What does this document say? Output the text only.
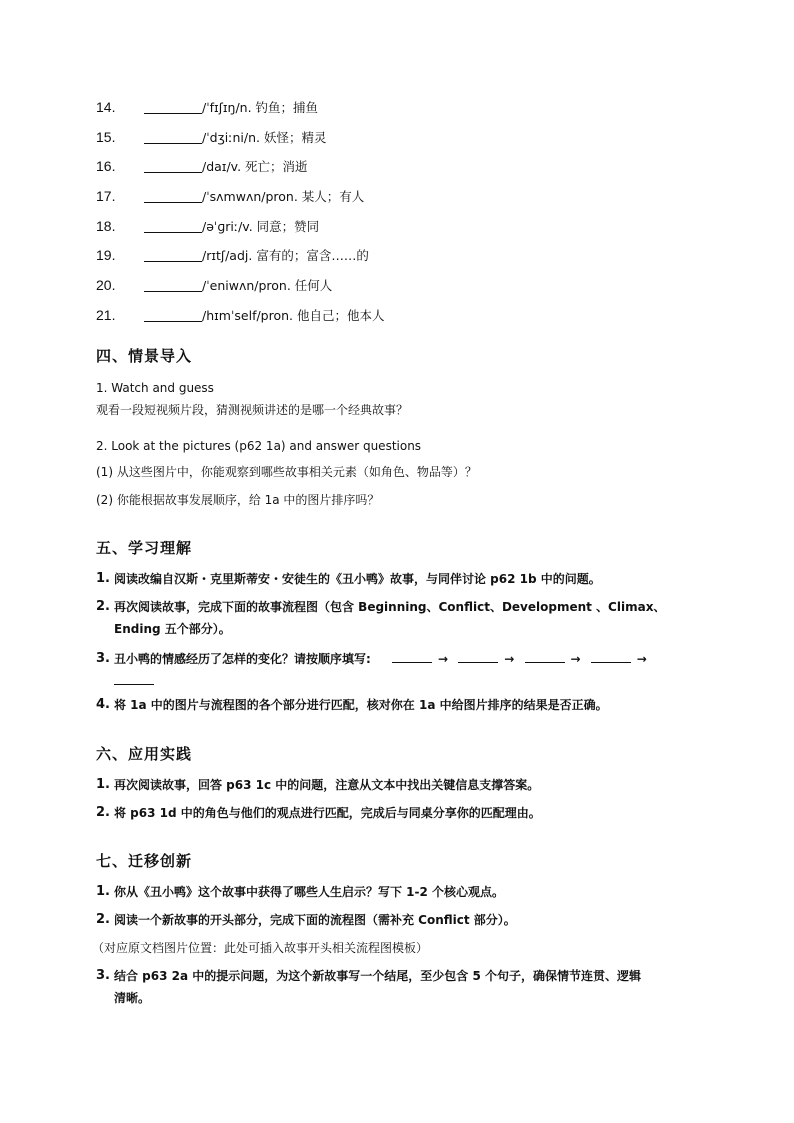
14.	/ˈfɪʃɪŋ/n. 钓鱼；捕鱼
15.	/ˈdʒiːni/n. 妖怪；精灵
16.	/daɪ/v. 死亡；消逝
17.	/ˈsʌmwʌn/pron. 某人；有人
18.	/əˈɡriː/v. 同意；赞同
19.	/rɪtʃ/adj. 富有的；富含……的
20.	/ˈeniwʌn/pron. 任何人
21.	/hɪmˈself/pron. 他自己；他本人
四、情景导入
1. Watch and guess
观看一段短视频片段，猜测视频讲述的是哪一个经典故事？
2. Look at the pictures (p62 1a) and answer questions
(1) 从这些图片中，你能观察到哪些故事相关元素（如角色、物品等）？
(2) 你能根据故事发展顺序，给 1a 中的图片排序吗？
五、学习理解
1. 阅读改编自汉斯・克里斯蒂安・安徒生的《丑小鸭》故事，与同伴讨论 p62 1b 中的问题。
2. 再次阅读故事，完成下面的故事流程图（包含 Beginning、Conflict、Development 、Climax、
Ending 五个部分）。
3. 丑小鸭的情感经历了怎样的变化？请按顺序填写:	→	→	→	→
4. 将 1a 中的图片与流程图的各个部分进行匹配，核对你在 1a 中给图片排序的结果是否正确。
六、应用实践
1. 再次阅读故事，回答 p63 1c 中的问题，注意从文本中找出关键信息支撑答案。
2. 将 p63 1d 中的角色与他们的观点进行匹配，完成后与同桌分享你的匹配理由。
七、迁移创新
1. 你从《丑小鸭》这个故事中获得了哪些人生启示？写下 1-2 个核心观点。
2. 阅读一个新故事的开头部分，完成下面的流程图（需补充 Conflict 部分）。
（对应原文档图片位置：此处可插入故事开头相关流程图模板）
3. 结合 p63 2a 中的提示问题，为这个新故事写一个结尾，至少包含 5 个句子，确保情节连贯、逻辑
清晰。
